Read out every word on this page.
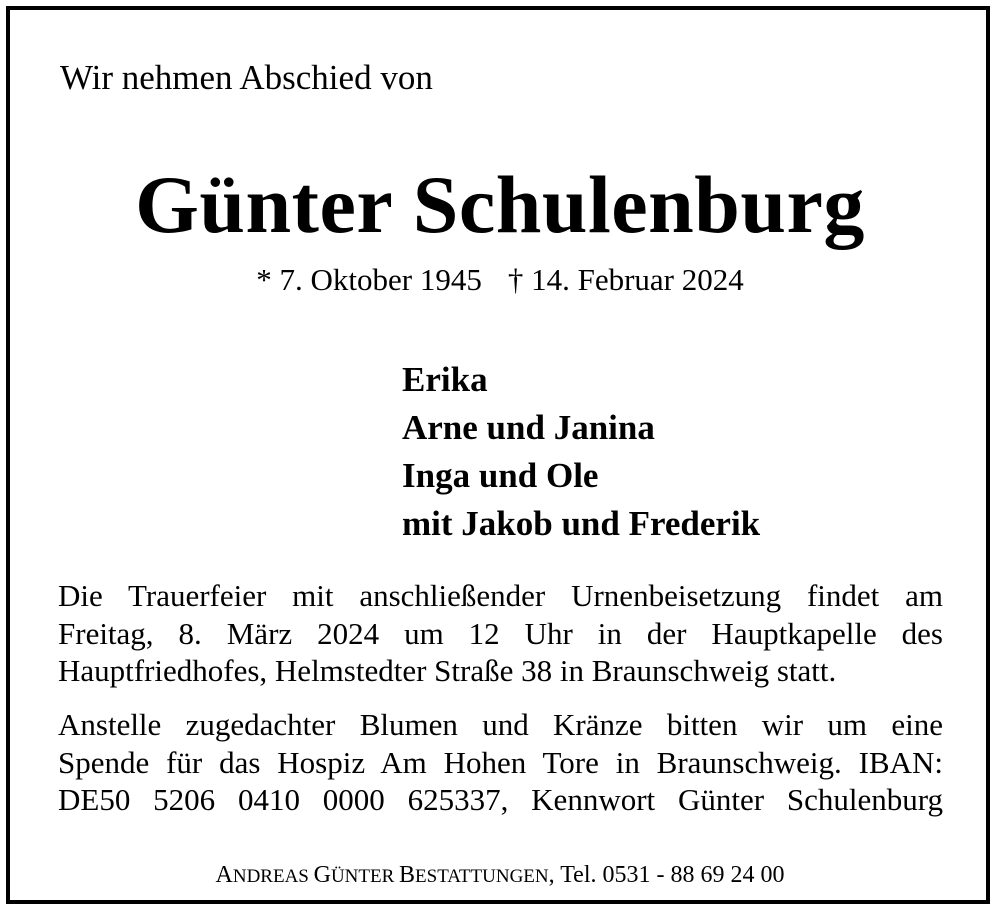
Wir nehmen Abschied von
Günter Schulenburg
* 7. Oktober 1945 † 14. Februar 2024
Erika
Arne und Janina
Inga und Ole
mit Jakob und Frederik
Die Trauerfeier mit anschließender Urnenbeisetzung findet am
Freitag, 8. März 2024 um 12 Uhr in der Hauptkapelle des
Hauptfriedhofes, Helmstedter Straße 38 in Braunschweig statt.
Anstelle zugedachter Blumen und Kränze bitten wir um eine
Spende für das Hospiz Am Hohen Tore in Braunschweig. IBAN:
DE50 5206 0410 0000 625337, Kennwort Günter Schulenburg
ANDREAS GÜNTER BESTATTUNGEN, Tel. 0531 - 88 69 24 00
